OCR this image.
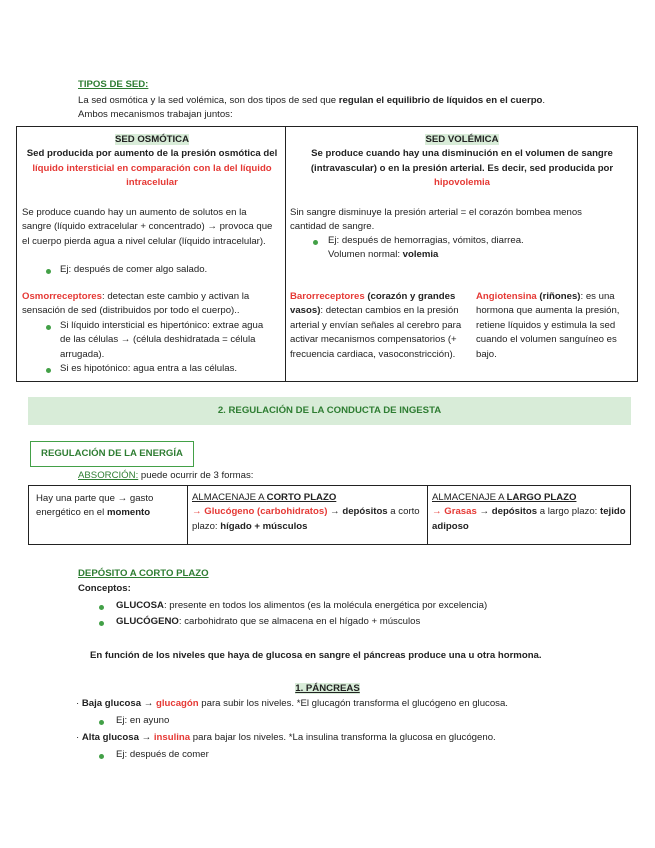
TIPOS DE SED:
La sed osmótica y la sed volémica, son dos tipos de sed que regulan el equilibrio de líquidos en el cuerpo. Ambos mecanismos trabajan juntos:

SED OSMÓTICA

Sed producida por aumento de la presión osmótica del líquido intersticial en comparación con la del líquido intracelular

Se produce cuando hay un aumento de solutos en la sangre (líquido extracelular + concentrado) → provoca que el cuerpo pierda agua a nivel celular (líquido intracelular).
Ej: después de comer algo salado.
Osmorreceptores: detectan este cambio y activan la sensación de sed (distribuidos por todo el cuerpo)..
Si líquido intersticial es hipertónico: extrae agua de las células → (célula deshidratada = célula arrugada).
Si es hipotónico: agua entra a las células.

SED VOLÉMICA

Se produce cuando hay una disminución en el volumen de sangre (intravascular) o en la presión arterial. Es decir, sed producida por hipovolemia

Sin sangre disminuye la presión arterial = el corazón bombea menos cantidad de sangre.
Ej: después de hemorragias, vómitos, diarrea.
Volumen normal: volemia
Barorreceptores (corazón y grandes vasos): detectan cambios en la presión arterial y envían señales al cerebro para activar mecanismos compensatorios (+ frecuencia cardiaca, vasoconstricción).
Angiotensina (riñones): es una hormona que aumenta la presión, retiene líquidos y estimula la sed cuando el volumen sanguíneo es bajo.
2. REGULACIÓN DE LA CONDUCTA DE INGESTA
REGULACIÓN DE LA ENERGÍA
ABSORCIÓN: puede ocurrir de 3 formas:
Hay una parte que → gasto energético en el momento

ALMACENAJE A CORTO PLAZO

→ Glucógeno (carbohidratos) → depósitos a corto plazo: hígado + músculos

ALMACENAJE A LARGO PLAZO

→ Grasas → depósitos a largo plazo: tejido adiposo

DEPÓSITO A CORTO PLAZO
Conceptos:
GLUCOSA: presente en todos los alimentos (es la molécula energética por excelencia)
GLUCÓGENO: carbohidrato que se almacena en el hígado + músculos
En función de los niveles que haya de glucosa en sangre el páncreas produce una u otra hormona.
1. PÁNCREAS
· Baja glucosa → glucagón para subir los niveles. *El glucagón transforma el glucógeno en glucosa.
Ej: en ayuno
· Alta glucosa → insulina para bajar los niveles. *La insulina transforma la glucosa en glucógeno.
Ej: después de comer
